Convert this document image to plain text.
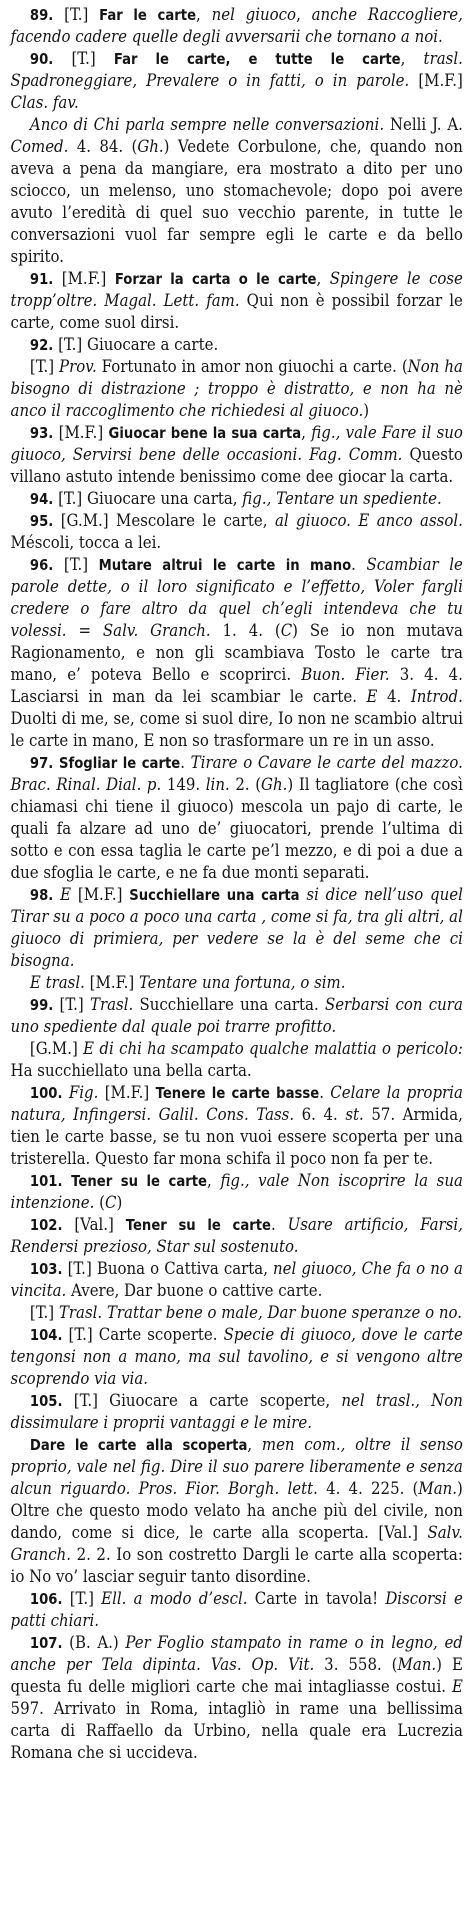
89. [T.] Far le carte, nel giuoco, anche Raccogliere, facendo cadere quelle degli avversarii che tornano a noi.

90. [T.] Far le carte, e tutte le carte, trasl. Spadroneggiare, Prevalere o in fatti, o in parole. [M.F.] Clas. fav.

Anco di Chi parla sempre nelle conversazioni. Nelli J. A. Comed. 4. 84. (Gh.) Vedete Corbulone, che, quando non aveva a pena da mangiare, era mostrato a dito per uno sciocco, un melenso, uno stomachevole; dopo poi avere avuto l’eredità di quel suo vecchio parente, in tutte le conversazioni vuol far sempre egli le carte e da bello spirito.

91. [M.F.] Forzar la carta o le carte, Spingere le cose tropp’oltre. Magal. Lett. fam. Qui non è possibil forzar le carte, come suol dirsi.

92. [T.] Giuocare a carte.

[T.] Prov. Fortunato in amor non giuochi a carte. (Non ha bisogno di distrazione ; troppo è distratto, e non ha nè anco il raccoglimento che richiedesi al giuoco.)

93. [M.F.] Giuocar bene la sua carta, fig., vale Fare il suo giuoco, Servirsi bene delle occasioni. Fag. Comm. Questo villano astuto intende benissimo come dee giocar la carta.

94. [T.] Giuocare una carta, fig., Tentare un spediente.

95. [G.M.] Mescolare le carte, al giuoco. E anco assol. Méscoli, tocca a lei.

96. [T.] Mutare altrui le carte in mano. Scambiar le parole dette, o il loro significato e l’effetto, Voler fargli credere o fare altro da quel ch’egli intendeva che tu volessi. = Salv. Granch. 1. 4. (C) Se io non mutava Ragionamento, e non gli scambiava Tosto le carte tra mano, e’ poteva Bello e scoprirci. Buon. Fier. 3. 4. 4. Lasciarsi in man da lei scambiar le carte. E 4. Introd. Duolti di me, se, come si suol dire, Io non ne scambio altrui le carte in mano, E non so trasformare un re in un asso.

97. Sfogliar le carte. Tirare o Cavare le carte del mazzo. Brac. Rinal. Dial. p. 149. lin. 2. (Gh.) Il tagliatore (che così chiamasi chi tiene il giuoco) mescola un pajo di carte, le quali fa alzare ad uno de’ giuocatori, prende l’ultima di sotto e con essa taglia le carte pe’l mezzo, e di poi a due a due sfoglia le carte, e ne fa due monti separati.

98. E [M.F.] Succhiellare una carta si dice nell’uso quel Tirar su a poco a poco una carta , come si fa, tra gli altri, al giuoco di primiera, per vedere se la è del seme che ci bisogna.

E trasl. [M.F.] Tentare una fortuna, o sim.

99. [T.] Trasl. Succhiellare una carta. Serbarsi con cura uno spediente dal quale poi trarre profitto.

[G.M.] E di chi ha scampato qualche malattia o pericolo: Ha succhiellato una bella carta.

100. Fig. [M.F.] Tenere le carte basse. Celare la propria natura, Infingersi. Galil. Cons. Tass. 6. 4. st. 57. Armida, tien le carte basse, se tu non vuoi essere scoperta per una tristerella. Questo far mona schifa il poco non fa per te.

101. Tener su le carte, fig., vale Non iscoprire la sua intenzione. (C)

102. [Val.] Tener su le carte. Usare artificio, Farsi, Rendersi prezioso, Star sul sostenuto.

103. [T.] Buona o Cattiva carta, nel giuoco, Che fa o no a vincita. Avere, Dar buone o cattive carte.

[T.] Trasl. Trattar bene o male, Dar buone speranze o no.

104. [T.] Carte scoperte. Specie di giuoco, dove le carte tengonsi non a mano, ma sul tavolino, e si vengono altre scoprendo via via.

105. [T.] Giuocare a carte scoperte, nel trasl., Non dissimulare i proprii vantaggi e le mire.

Dare le carte alla scoperta, men com., oltre il senso proprio, vale nel fig. Dire il suo parere liberamente e senza alcun riguardo. Pros. Fior. Borgh. lett. 4. 4. 225. (Man.) Oltre che questo modo velato ha anche più del civile, non dando, come si dice, le carte alla scoperta. [Val.] Salv. Granch. 2. 2. Io son costretto Dargli le carte alla scoperta: io No vo’ lasciar seguir tanto disordine.

106. [T.] Ell. a modo d’escl. Carte in tavola! Discorsi e patti chiari.

107. (B. A.) Per Foglio stampato in rame o in legno, ed anche per Tela dipinta. Vas. Op. Vit. 3. 558. (Man.) E questa fu delle migliori carte che mai intagliasse costui. E 597. Arrivato in Roma, intagliò in rame una bellissima carta di Raffaello da Urbino, nella quale era Lucrezia Romana che si uccideva.
